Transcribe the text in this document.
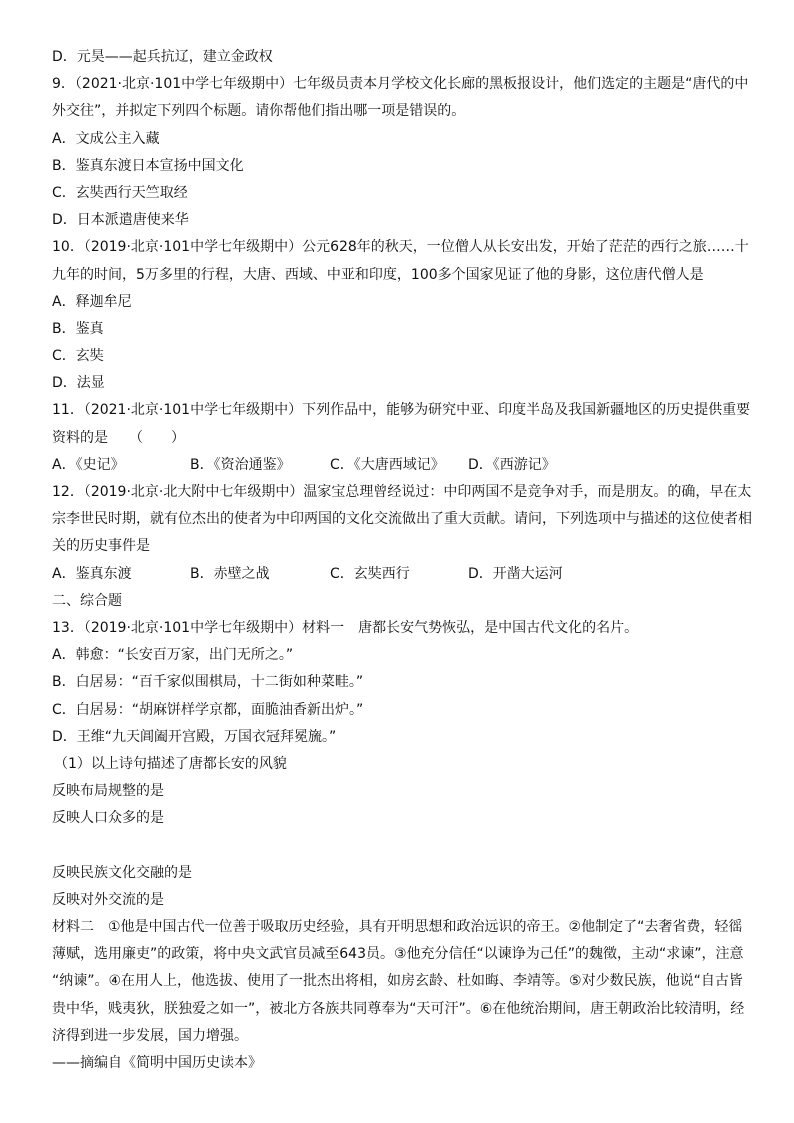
D．元昊——起兵抗辽，建立金政权
9．（2021·北京·101中学七年级期中）七年级员责本月学校文化长廊的黑板报设计，他们选定的主题是“唐代的中
外交往”，并拟定下列四个标题。请你帮他们指出哪一项是错误的。
A．文成公主入藏
B．鉴真东渡日本宣扬中国文化
C．玄奘西行天竺取经
D．日本派遣唐使来华
10．（2019·北京·101中学七年级期中）公元628年的秋天，一位僧人从长安出发，开始了茫茫的西行之旅……十
九年的时间，5万多里的行程，大唐、西域、中亚和印度，100多个国家见证了他的身影，这位唐代僧人是
A．释迦牟尼
B．鉴真
C．玄奘
D．法显
11．（2021·北京·101中学七年级期中）下列作品中，能够为研究中亚、印度半岛及我国新疆地区的历史提供重要
资料的是　　（　　）
A．《史记》	B．《资治通鉴》	C．《大唐西域记》	D．《西游记》
12．（2019·北京·北大附中七年级期中）温家宝总理曾经说过：中印两国不是竞争对手，而是朋友。的确，早在太
宗李世民时期，就有位杰出的使者为中印两国的文化交流做出了重大贡献。请问，下列选项中与描述的这位使者相
关的历史事件是
A．鉴真东渡	B．赤壁之战	C．玄奘西行	D．开凿大运河
二、综合题
13．（2019·北京·101中学七年级期中）材料一　唐都长安气势恢弘，是中国古代文化的名片。
A．韩愈：“长安百万家，出门无所之。”
B．白居易：“百千家似围棋局，十二街如种菜畦。”
C．白居易：“胡麻饼样学京都，面脆油香新出炉。”
D．王维“九天阊阖开宫殿，万国衣冠拜冕旒。”
（1）以上诗句描述了唐都长安的风貌
反映布局规整的是
反映人口众多的是
反映民族文化交融的是
反映对外交流的是
材料二　①他是中国古代一位善于吸取历史经验，具有开明思想和政治远识的帝王。②他制定了“去奢省费，轻徭
薄赋，选用廉吏”的政策，将中央文武官员减至643员。③他充分信任“以谏诤为己任”的魏徵，主动“求谏”，注意
“纳谏”。④在用人上，他选拔、使用了一批杰出将相，如房玄龄、杜如晦、李靖等。⑤对少数民族，他说“自古皆
贵中华，贱夷狄，朕独爱之如一”，被北方各族共同尊奉为“天可汗”。⑥在他统治期间，唐王朝政治比较清明，经
济得到进一步发展，国力增强。
——摘编自《简明中国历史读本》
